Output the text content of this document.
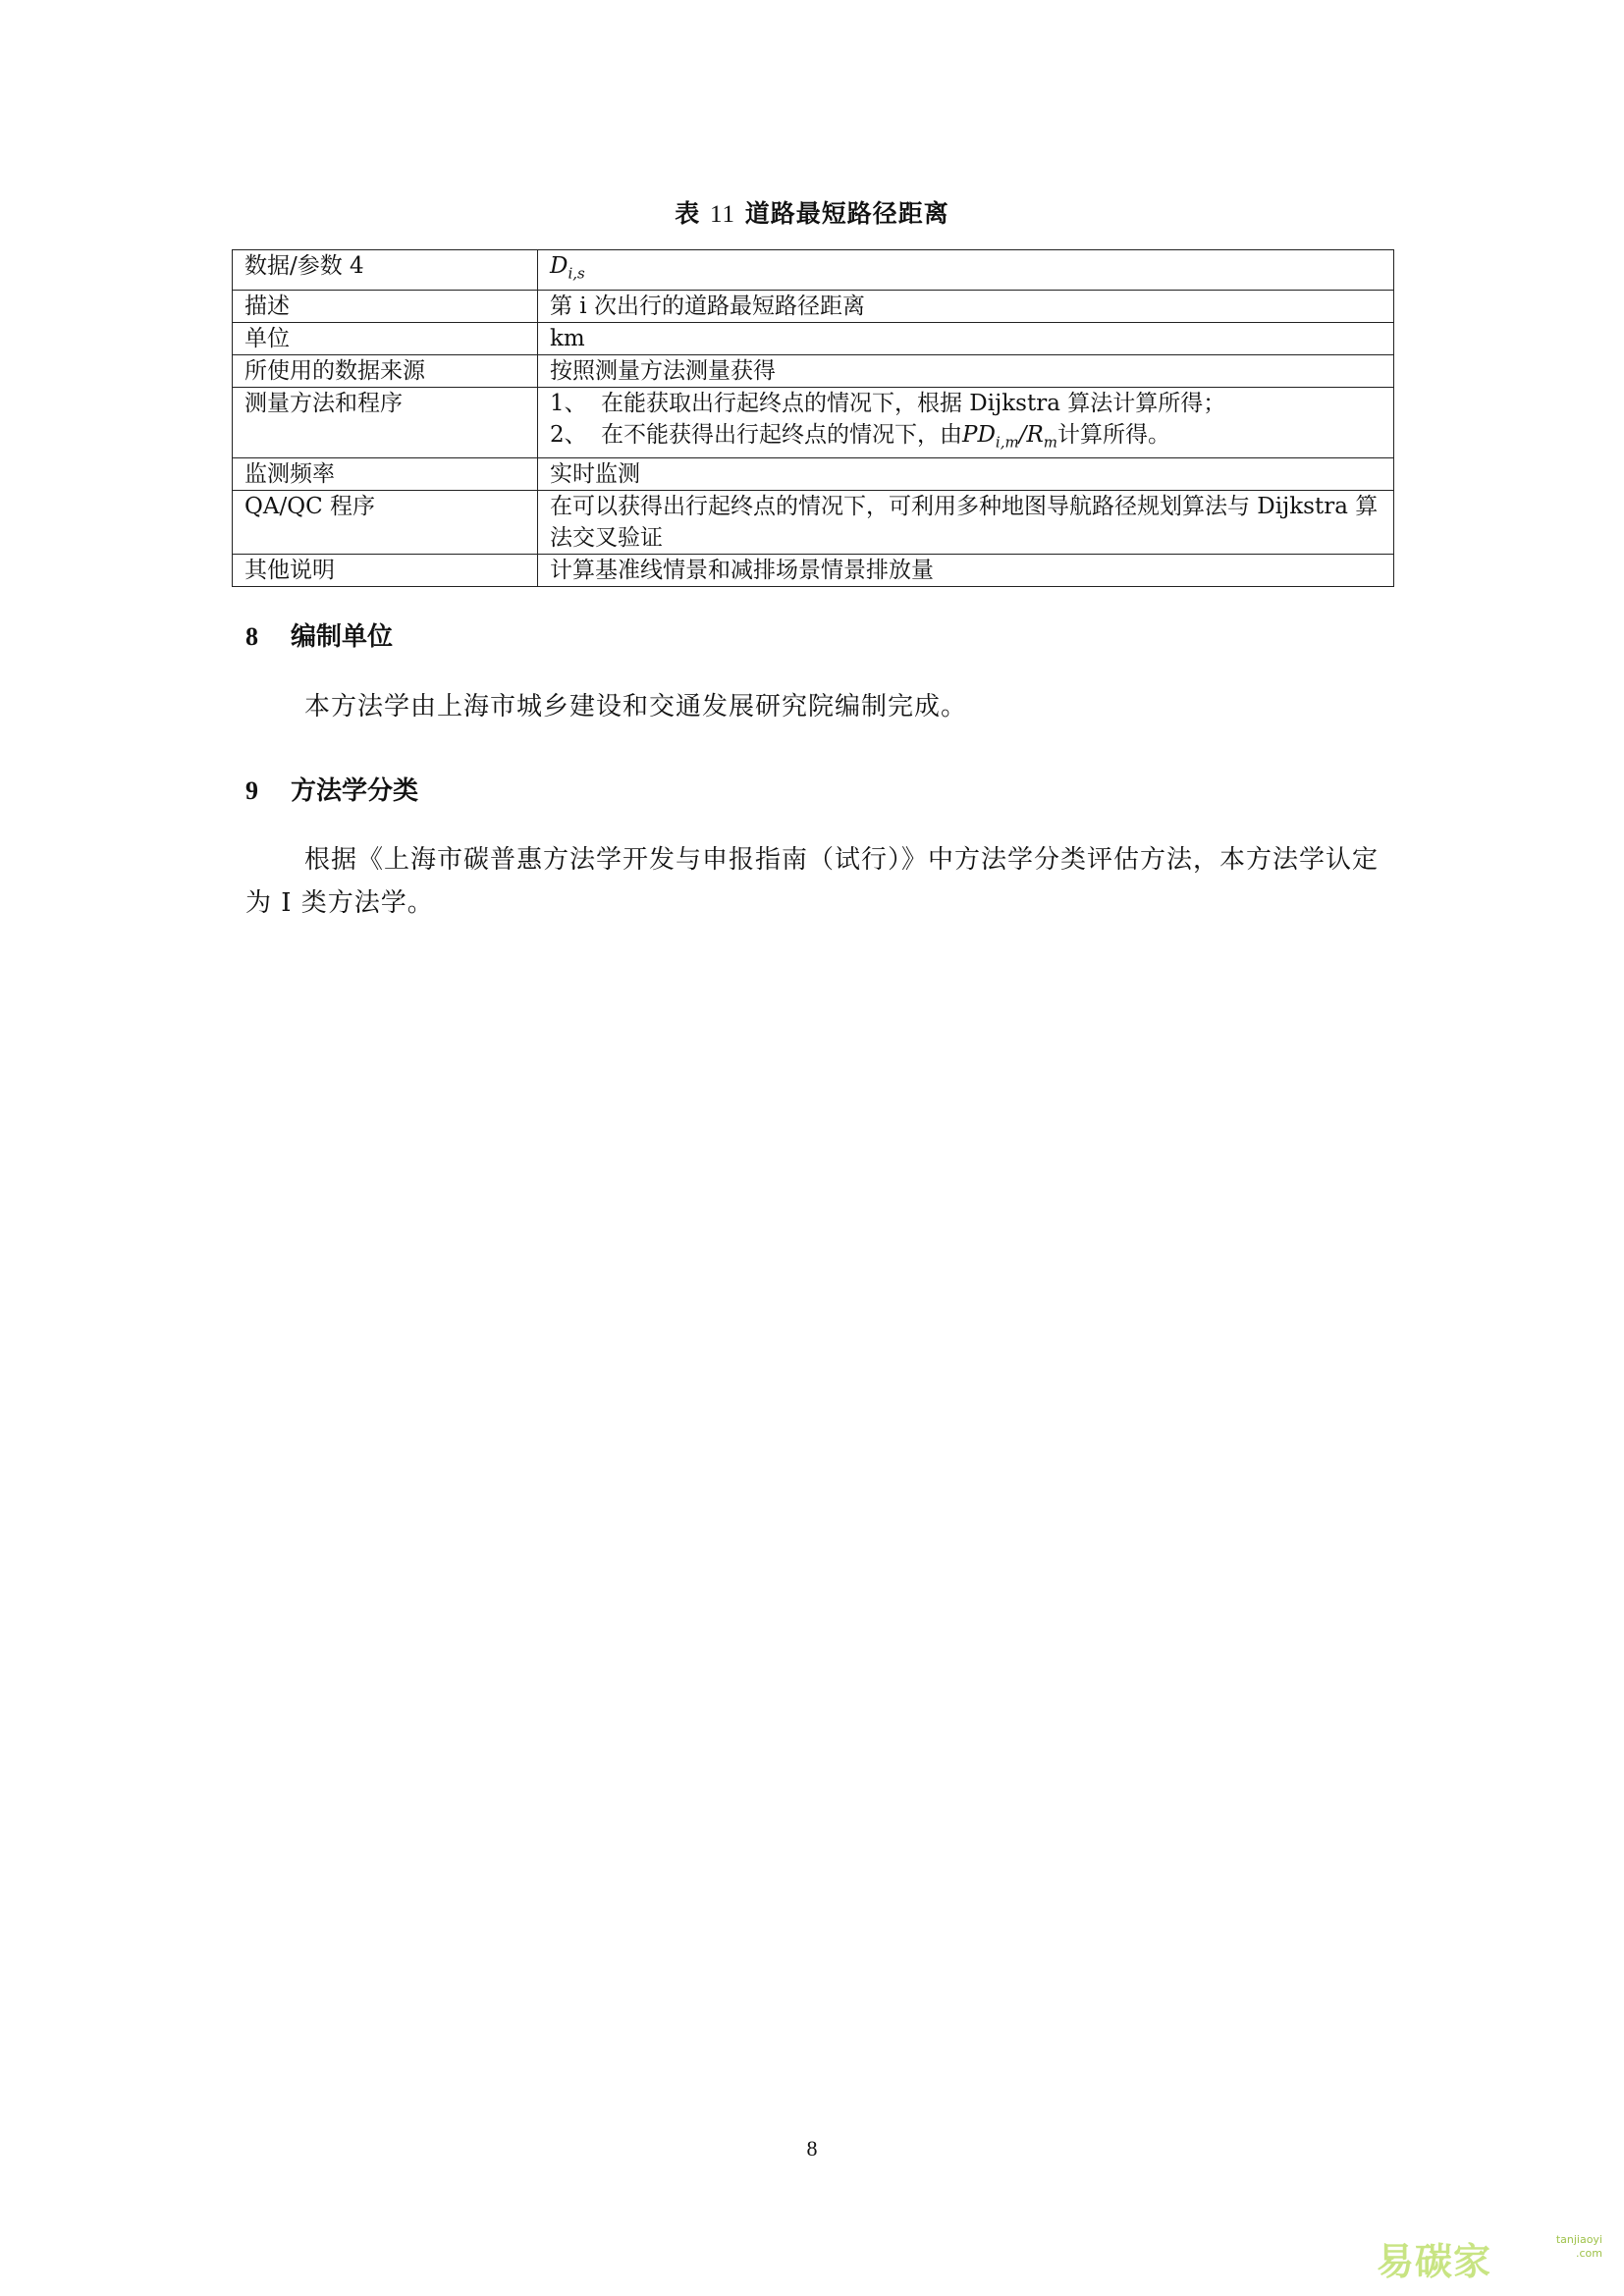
表 11 道路最短路径距离
数据/参数 4	$D_{i,s}$
描述	第 i 次出行的道路最短路径距离
单位	km
所使用的数据来源	按照测量方法测量获得
测量方法和程序	1、 在能获取出行起终点的情况下，根据 Dijkstra 算法计算所得；
2、 在不能获得出行起终点的情况下，由$PD_{i,m}/R_m$计算所得。

监测频率	实时监测
QA/QC 程序	在可以获得出行起终点的情况下，可利用多种地图导航路径规划算法与 Dijkstra 算法交叉验证
其他说明	计算基准线情景和减排场景情景排放量
8 编制单位
本方法学由上海市城乡建设和交通发展研究院编制完成。
9 方法学分类
根据《上海市碳普惠方法学开发与申报指南（试行）》中方法学分类评估方法，本方法学认定为 I 类方法学。
8
易碳家
tanjiaoyi
.com
